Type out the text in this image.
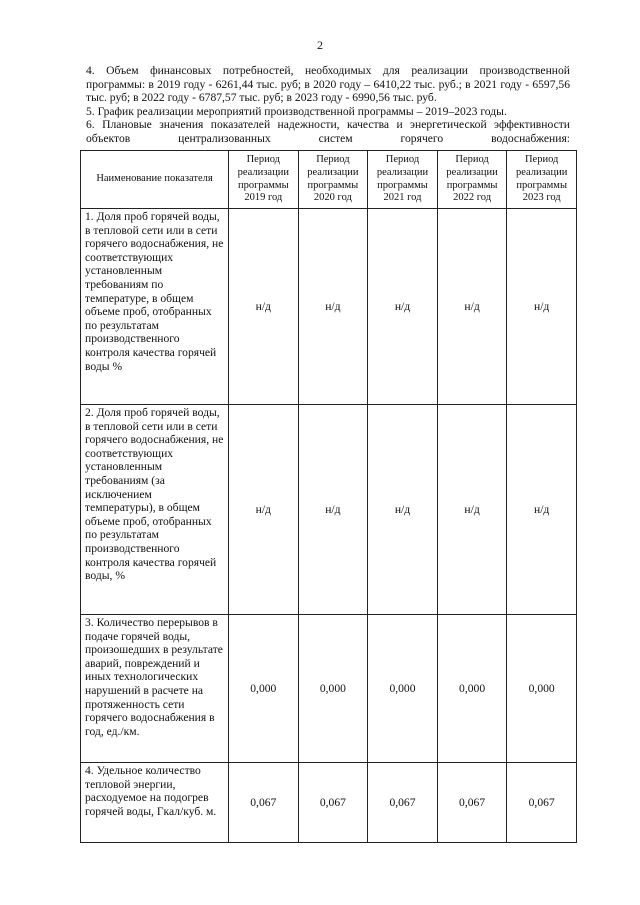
2

4. Объем финансовых потребностей, необходимых для реализации производственной программы: в 2019 году - 6261,44 тыс. руб; в 2020 году – 6410,22 тыс. руб.; в 2021 году - 6597,56 тыс. руб; в 2022 году - 6787,57 тыс. руб; в 2023 году - 6990,56 тыс. руб.

5. График реализации мероприятий производственной программы – 2019–2023 годы.

6. Плановые значения показателей надежности, качества и энергетической эффективности объектов централизованных систем горячего водоснабжения:

Наименование показателя	Период реализации программы 2019 год	Период реализации программы 2020 год	Период реализации программы 2021 год	Период реализации программы 2022 год	Период реализации программы 2023 год
1. Доля проб горячей воды, в тепловой сети или в сети горячего водоснабжения, не соответствующих установленным требованиям по температуре, в общем объеме проб, отобранных по результатам производственного контроля качества горячей воды %	н/д	н/д	н/д	н/д	н/д
2. Доля проб горячей воды, в тепловой сети или в сети горячего водоснабжения, не соответствующих установленным требованиям (за исключением температуры), в общем объеме проб, отобранных по результатам производственного контроля качества горячей воды, %	н/д	н/д	н/д	н/д	н/д
3. Количество перерывов в подаче горячей воды, произошедших в результате аварий, повреждений и иных технологических нарушений в расчете на протяженность сети горячего водоснабжения в год, ед./км.	0,000	0,000	0,000	0,000	0,000
4. Удельное количество тепловой энергии, расходуемое на подогрев горячей воды, Гкал/куб. м.	0,067	0,067	0,067	0,067	0,067
